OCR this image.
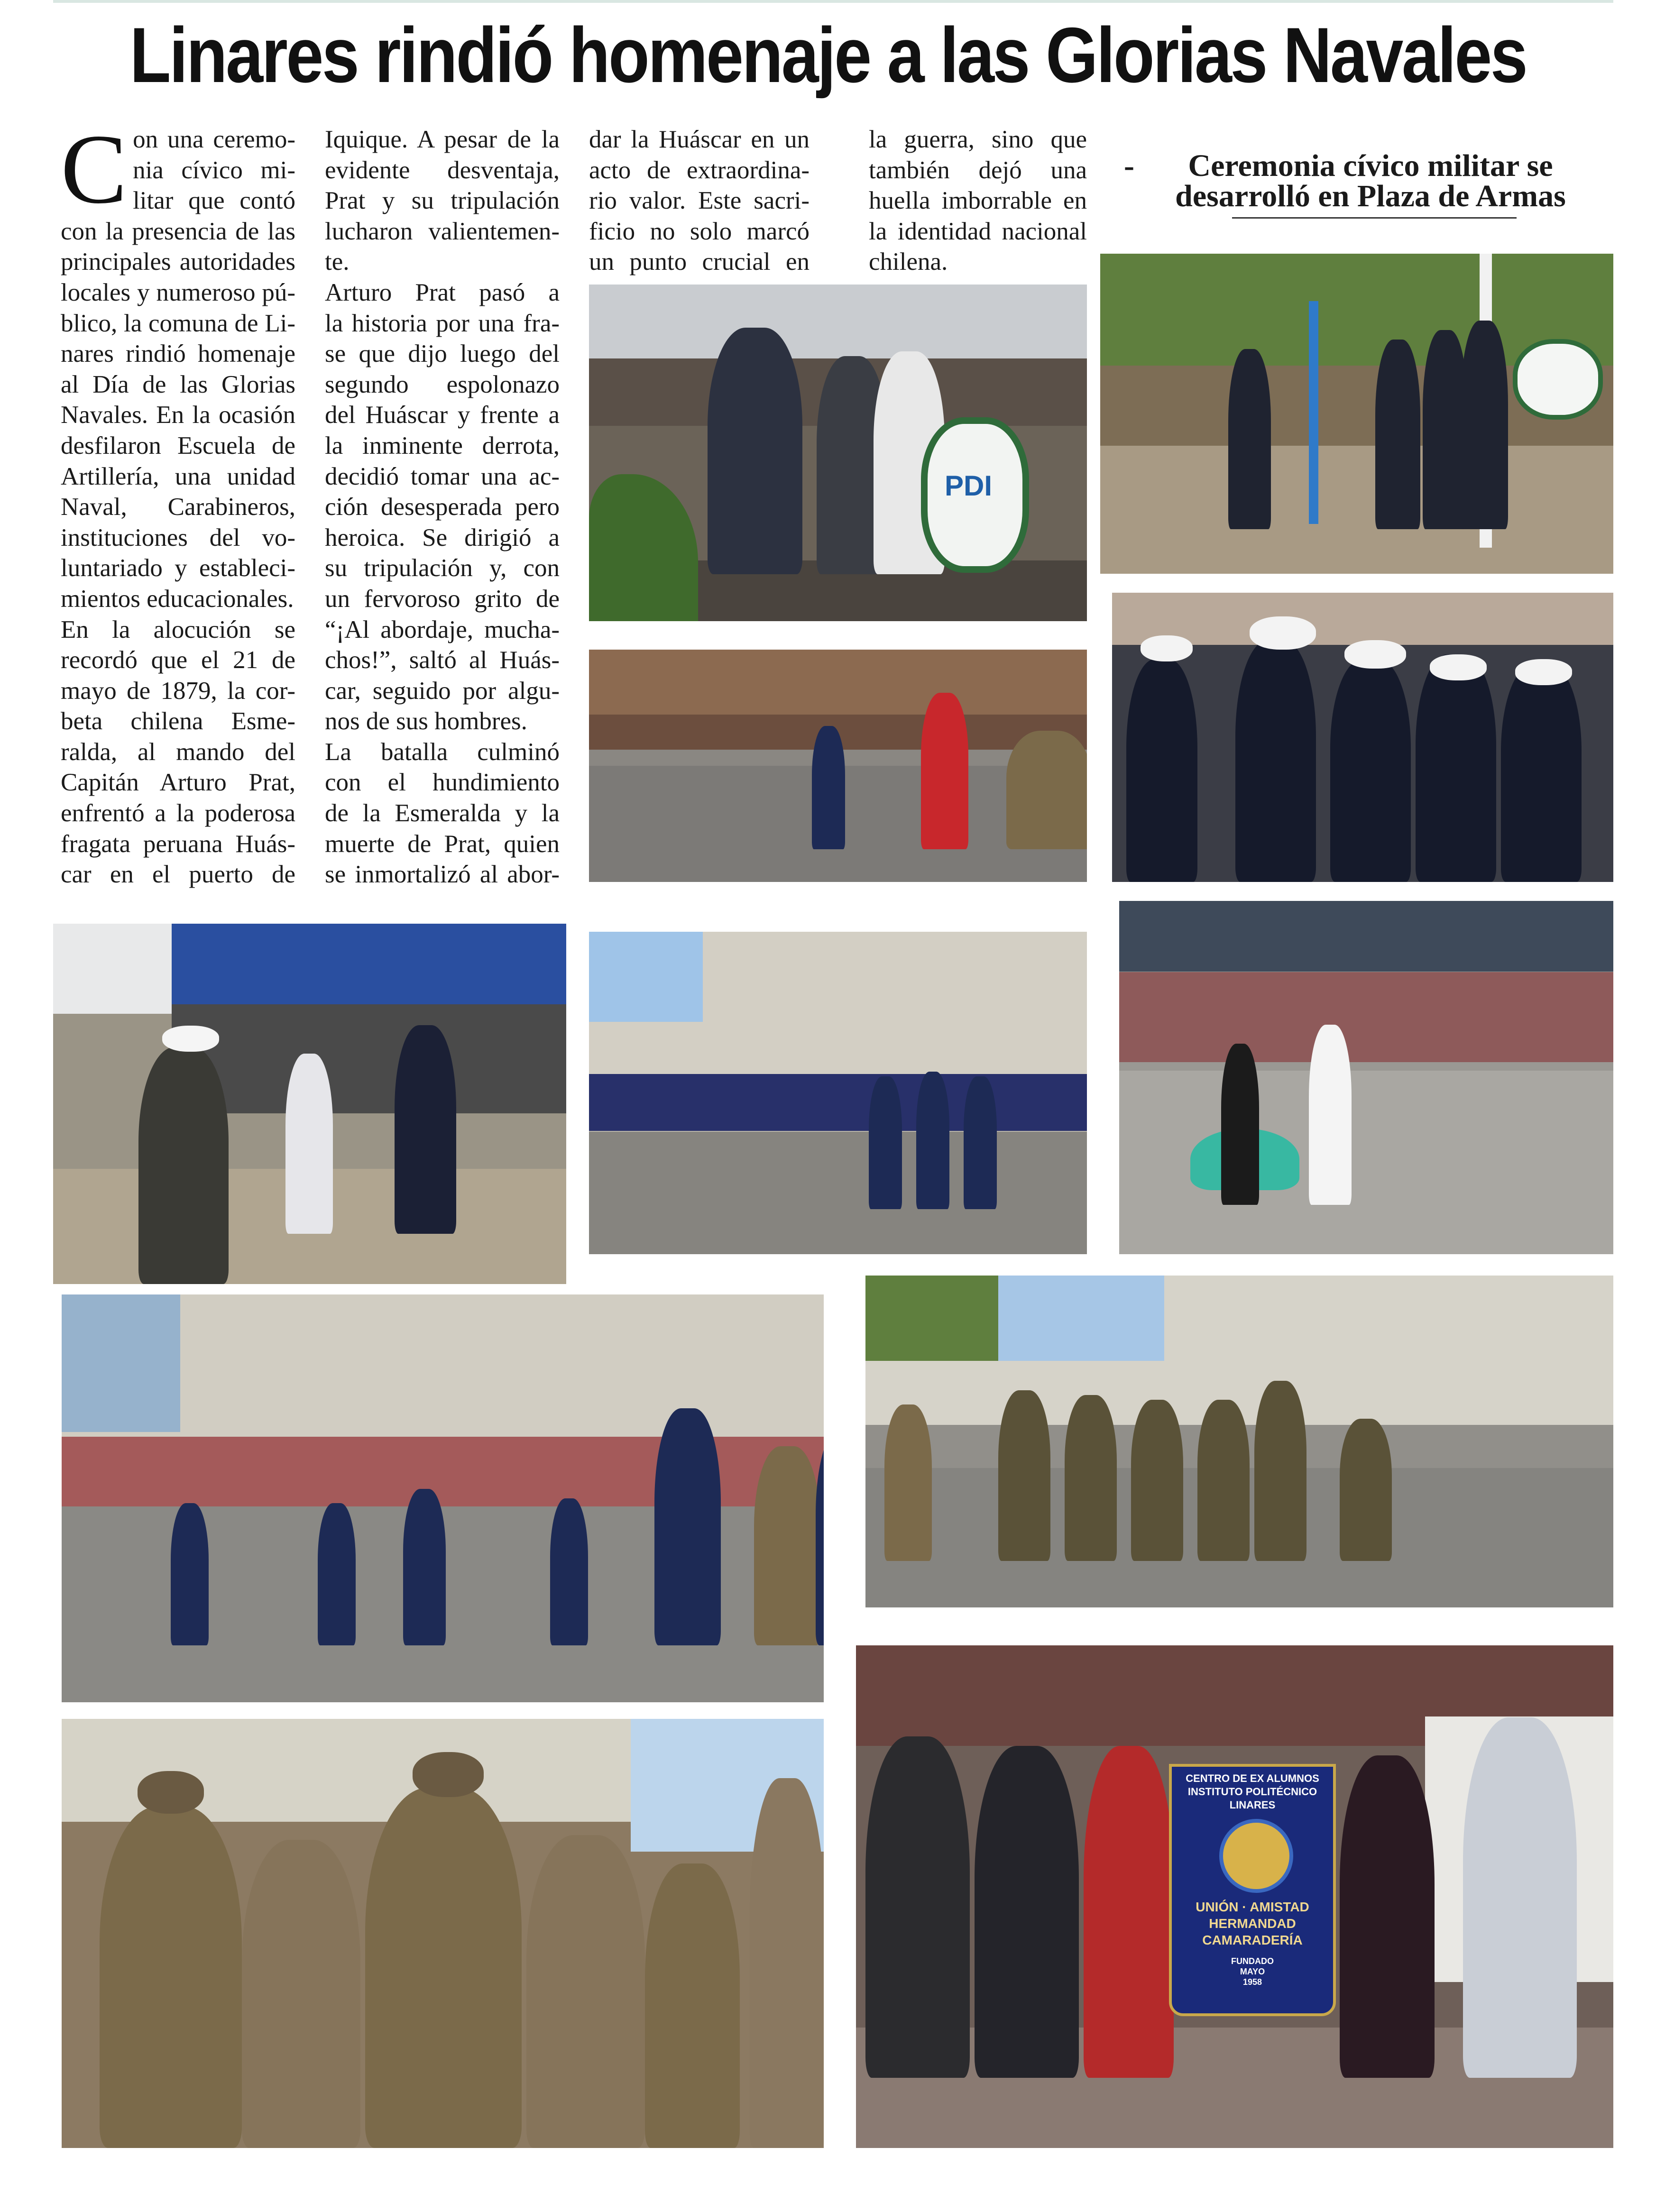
Linares rindió homenaje a las Glorias Navales
C on una ceremo-
nia cívico mi-
litar que contó
con la presencia de las
principales autoridades
locales y numeroso pú-
blico, la comuna de Li-
nares rindió homenaje
al Día de las Glorias
Navales. En la ocasión
desfilaron Escuela de
Artillería, una unidad
Naval, Carabineros,
instituciones del vo-
luntariado y estableci-
mientos educacionales.
En la alocución se
recordó que el 21 de
mayo de 1879, la cor-
beta chilena Esme-
ralda, al mando del
Capitán Arturo Prat,
enfrentó a la poderosa
fragata peruana Huás-
car en el puerto de
Iquique. A pesar de la
evidente desventaja,
Prat y su tripulación
lucharon valientemen-
te.
Arturo Prat pasó a
la historia por una fra-
se que dijo luego del
segundo espolonazo
del Huáscar y frente a
la inminente derrota,
decidió tomar una ac-
ción desesperada pero
heroica. Se dirigió a
su tripulación y, con
un fervoroso grito de
“¡Al abordaje, mucha-
chos!”, saltó al Huás-
car, seguido por algu-
nos de sus hombres.
La batalla culminó
con el hundimiento
de la Esmeralda y la
muerte de Prat, quien
se inmortalizó al abor-
dar la Huáscar en un
acto de extraordina-
rio valor. Este sacri-
ficio no solo marcó
un punto crucial en
la guerra, sino que
también dejó una
huella imborrable en
la identidad nacional
chilena.
-	Ceremonia cívico militar se
desarrolló en Plaza de Armas
PDI
CENTRO DE EX ALUMNOS
INSTITUTO POLITÉCNICO
LINARES
UNIÓN · AMISTAD
HERMANDAD
CAMARADERÍA
FUNDADO
MAYO
1958
